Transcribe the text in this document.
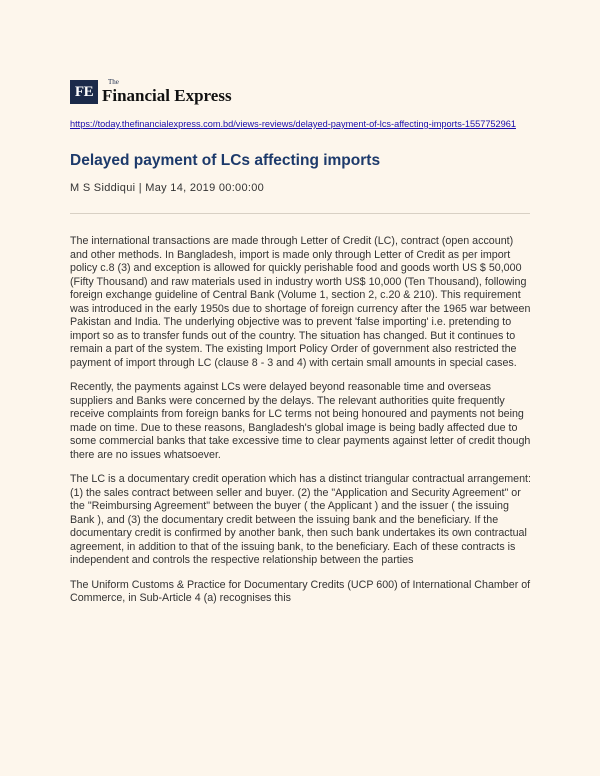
FE
The
Financial Express
https://today.thefinancialexpress.com.bd/views-reviews/delayed-payment-of-lcs-affecting-imports-1557752961
Delayed payment of LCs affecting imports
M S Siddiqui | May 14, 2019 00:00:00

The international transactions are made through Letter of Credit (LC), contract (open account) and other methods. In Bangladesh, import is made only through Letter of Credit as per import policy c.8 (3) and exception is allowed for quickly perishable food and goods worth US $ 50,000 (Fifty Thousand) and raw materials used in industry worth US$ 10,000 (Ten Thousand), following foreign exchange guideline of Central Bank (Volume 1, section 2, c.20 & 210). This requirement was introduced in the early 1950s due to shortage of foreign currency after the 1965 war between Pakistan and India. The underlying objective was to prevent 'false importing' i.e. pretending to import so as to transfer funds out of the country. The situation has changed. But it continues to remain a part of the system. The existing Import Policy Order of government also restricted the payment of import through LC (clause 8 - 3 and 4) with certain small amounts in special cases.

Recently, the payments against LCs were delayed beyond reasonable time and overseas suppliers and Banks were concerned by the delays. The relevant authorities quite frequently receive complaints from foreign banks for LC terms not being honoured and payments not being made on time. Due to these reasons, Bangladesh's global image is being badly affected due to some commercial banks that take excessive time to clear payments against letter of credit though there are no issues whatsoever.

The LC is a documentary credit operation which has a distinct triangular contractual arrangement: (1) the sales contract between seller and buyer. (2) the "Application and Security Agreement" or the "Reimbursing Agreement" between the buyer ( the Applicant ) and the issuer ( the issuing Bank ), and (3) the documentary credit between the issuing bank and the beneficiary. If the documentary credit is confirmed by another bank, then such bank undertakes its own contractual agreement, in addition to that of the issuing bank, to the beneficiary. Each of these contracts is independent and controls the respective relationship between the parties

The Uniform Customs & Practice for Documentary Credits (UCP 600) of International Chamber of Commerce, in Sub-Article 4 (a) recognises this
